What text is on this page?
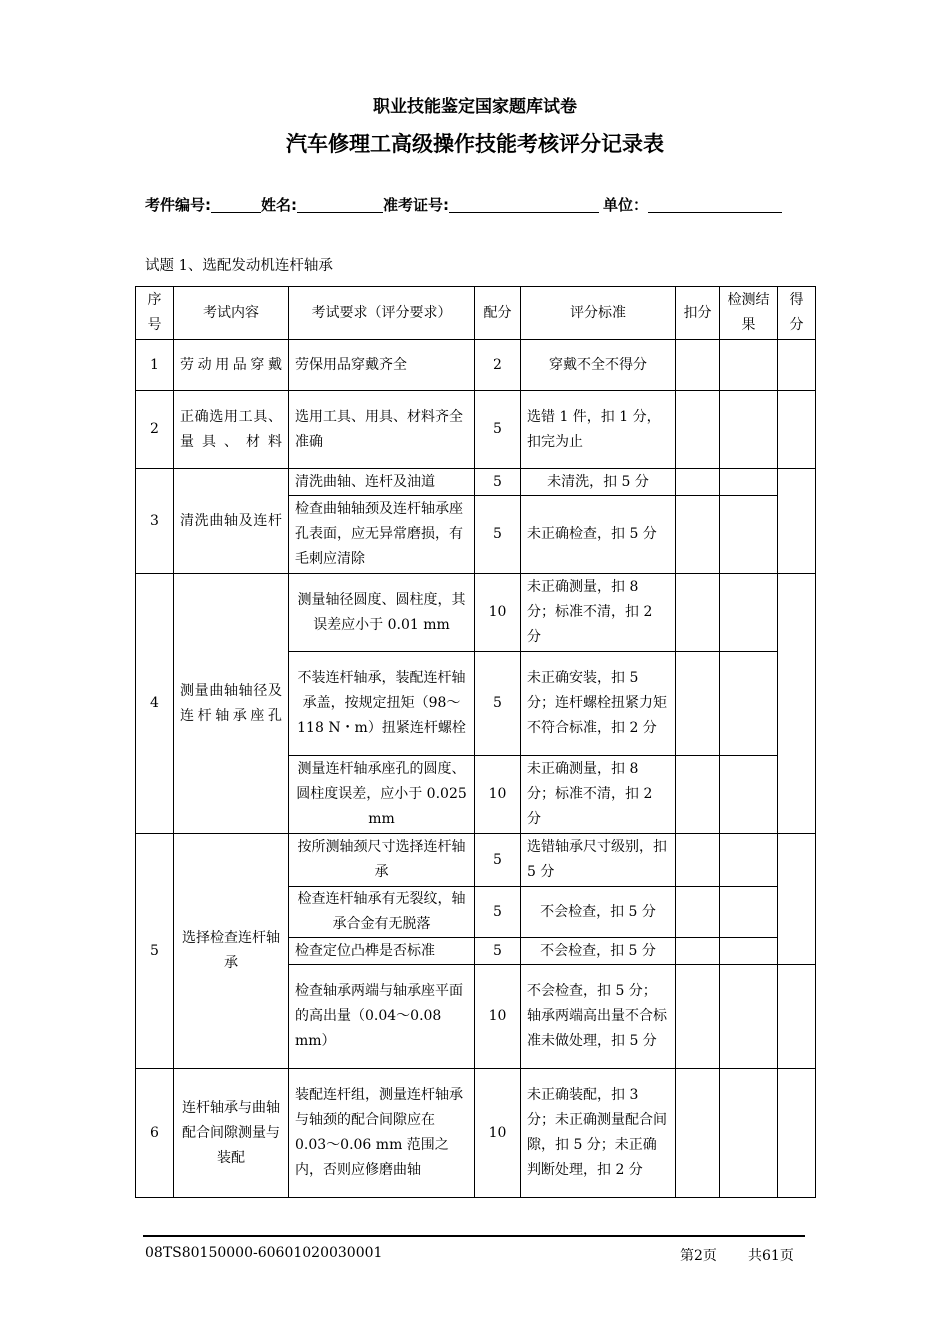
职业技能鉴定国家题库试卷
汽车修理工高级操作技能考核评分记录表
考件编号:	姓名:	准考证号:	单位：
试题 1、选配发动机连杆轴承
序号	考试内容	考试要求（评分要求）	配分	评分标准	扣分	检测结果	得分
1	劳动用品穿戴	劳保用品穿戴齐全	2	穿戴不全不得分			
2	正确选用工具、量具、材料	选用工具、用具、材料齐全准确	5	选错 1 件，扣 1 分，扣完为止			
3	清洗曲轴及连杆	清洗曲轴、连杆及油道	5	未清洗，扣 5 分			
		检查曲轴轴颈及连杆轴承座孔表面，应无异常磨损，有毛刺应清除	5	未正确检查，扣 5 分			
4	测量曲轴轴径及连杆轴承座孔	测量轴径圆度、圆柱度，其误差应小于 0.01 mm	10	未正确测量，扣 8 分；标准不清，扣 2 分			
		不装连杆轴承，装配连杆轴承盖，按规定扭矩（98～118 N・m）扭紧连杆螺栓	5	未正确安装，扣 5 分；连杆螺栓扭紧力矩不符合标准，扣 2 分			
		测量连杆轴承座孔的圆度、圆柱度误差，应小于 0.025 mm	10	未正确测量，扣 8 分；标准不清，扣 2 分			
5	选择检查连杆轴承	按所测轴颈尺寸选择连杆轴承	5	选错轴承尺寸级别，扣 5 分			
		检查连杆轴承有无裂纹，轴承合金有无脱落	5	不会检查，扣 5 分			
		检查定位凸榫是否标准	5	不会检查，扣 5 分			
		检查轴承两端与轴承座平面的高出量（0.04～0.08 mm）	10	不会检查，扣 5 分；轴承两端高出量不合标准未做处理，扣 5 分			
6	连杆轴承与曲轴配合间隙测量与装配	装配连杆组，测量连杆轴承与轴颈的配合间隙应在 0.03～0.06 mm 范围之内，否则应修磨曲轴	10	未正确装配，扣 3 分；未正确测量配合间隙，扣 5 分；未正确判断处理，扣 2 分			
08TS80150000-60601020030001	第2页 共61页
